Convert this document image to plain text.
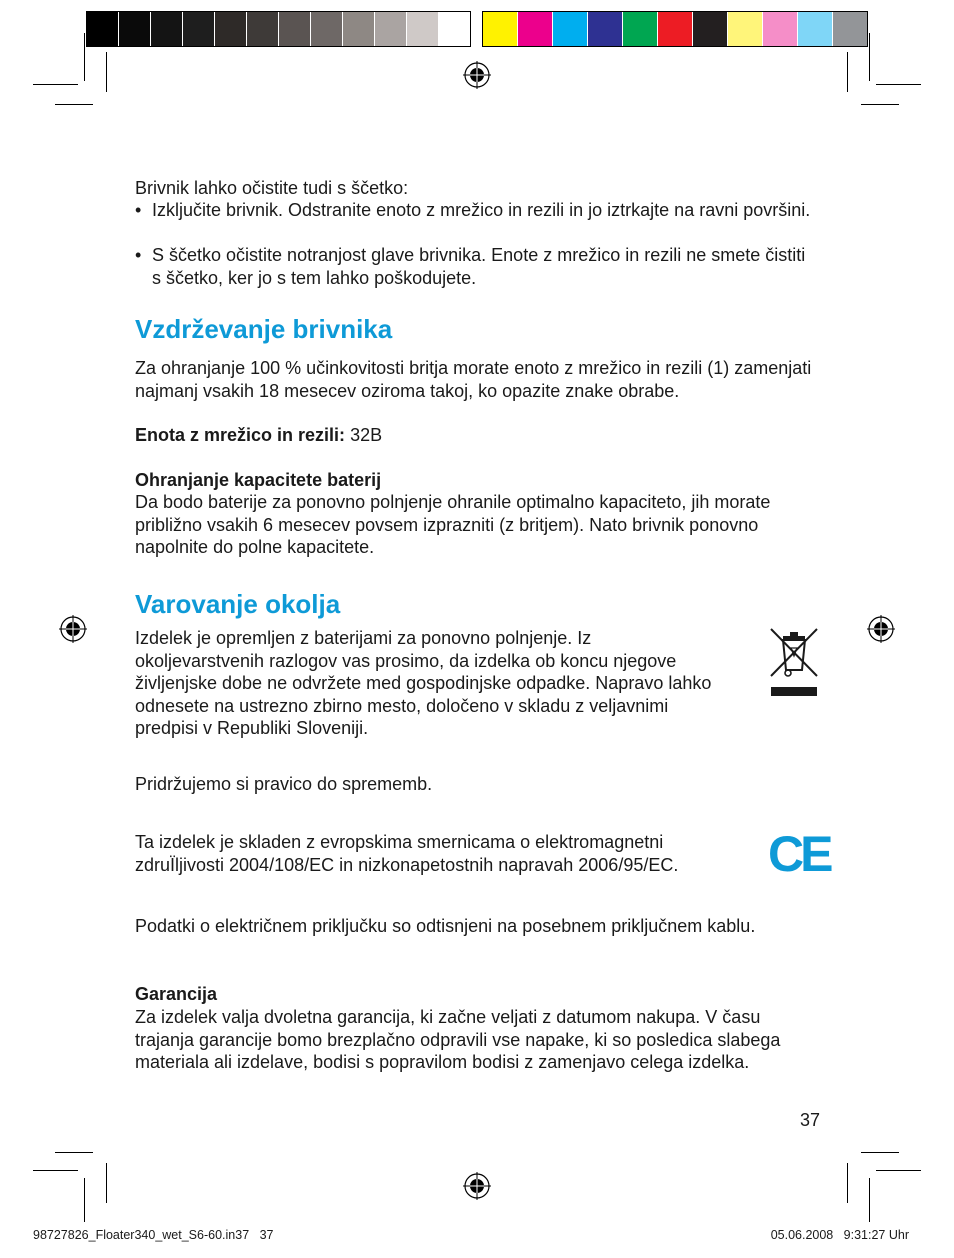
Brivnik lahko očistite tudi s ščetko:
• Izključite brivnik. Odstranite enoto z mrežico in rezili in jo iztrkajte na ravni površini.
• S ščetko očistite notranjost glave brivnika. Enote z mrežico in rezili ne smete čistiti s ščetko, ker jo s tem lahko poškodujete.
Vzdrževanje brivnika
Za ohranjanje 100 % učinkovitosti britja morate enoto z mrežico in rezili (1) zamenjati najmanj vsakih 18 mesecev oziroma takoj, ko opazite znake obrabe.
Enota z mrežico in rezili: 32B
Ohranjanje kapacitete baterij
Da bodo baterije za ponovno polnjenje ohranile optimalno kapaciteto, jih morate približno vsakih 6 mesecev povsem izprazniti (z britjem). Nato brivnik ponovno napolnite do polne kapacitete.
Varovanje okolja
Izdelek je opremljen z baterijami za ponovno polnjenje. Iz okoljevarstvenih razlogov vas prosimo, da izdelka ob koncu njegove življenjske dobe ne odvržete med gospodinjske odpadke. Napravo lahko odnesete na ustrezno zbirno mesto, določeno v skladu z veljavnimi predpisi v Republiki Sloveniji.
Pridržujemo si pravico do sprememb.
Ta izdelek je skladen z evropskima smernicama o elektromagnetni zdruÏljivosti 2004/108/EC in nizkonapetostnih napravah 2006/95/EC.	CE
Podatki o električnem priključku so odtisnjeni na posebnem priključnem kablu.
Garancija
Za izdelek valja dvoletna garancija, ki začne veljati z datumom nakupa. V času trajanja garancije bomo brezplačno odpravili vse napake, ki so posledica slabega materiala ali izdelave, bodisi s popravilom bodisi z zamenjavo celega izdelka.
37
98727826_Floater340_wet_S6-60.in37   37	05.06.2008   9:31:27 Uhr
